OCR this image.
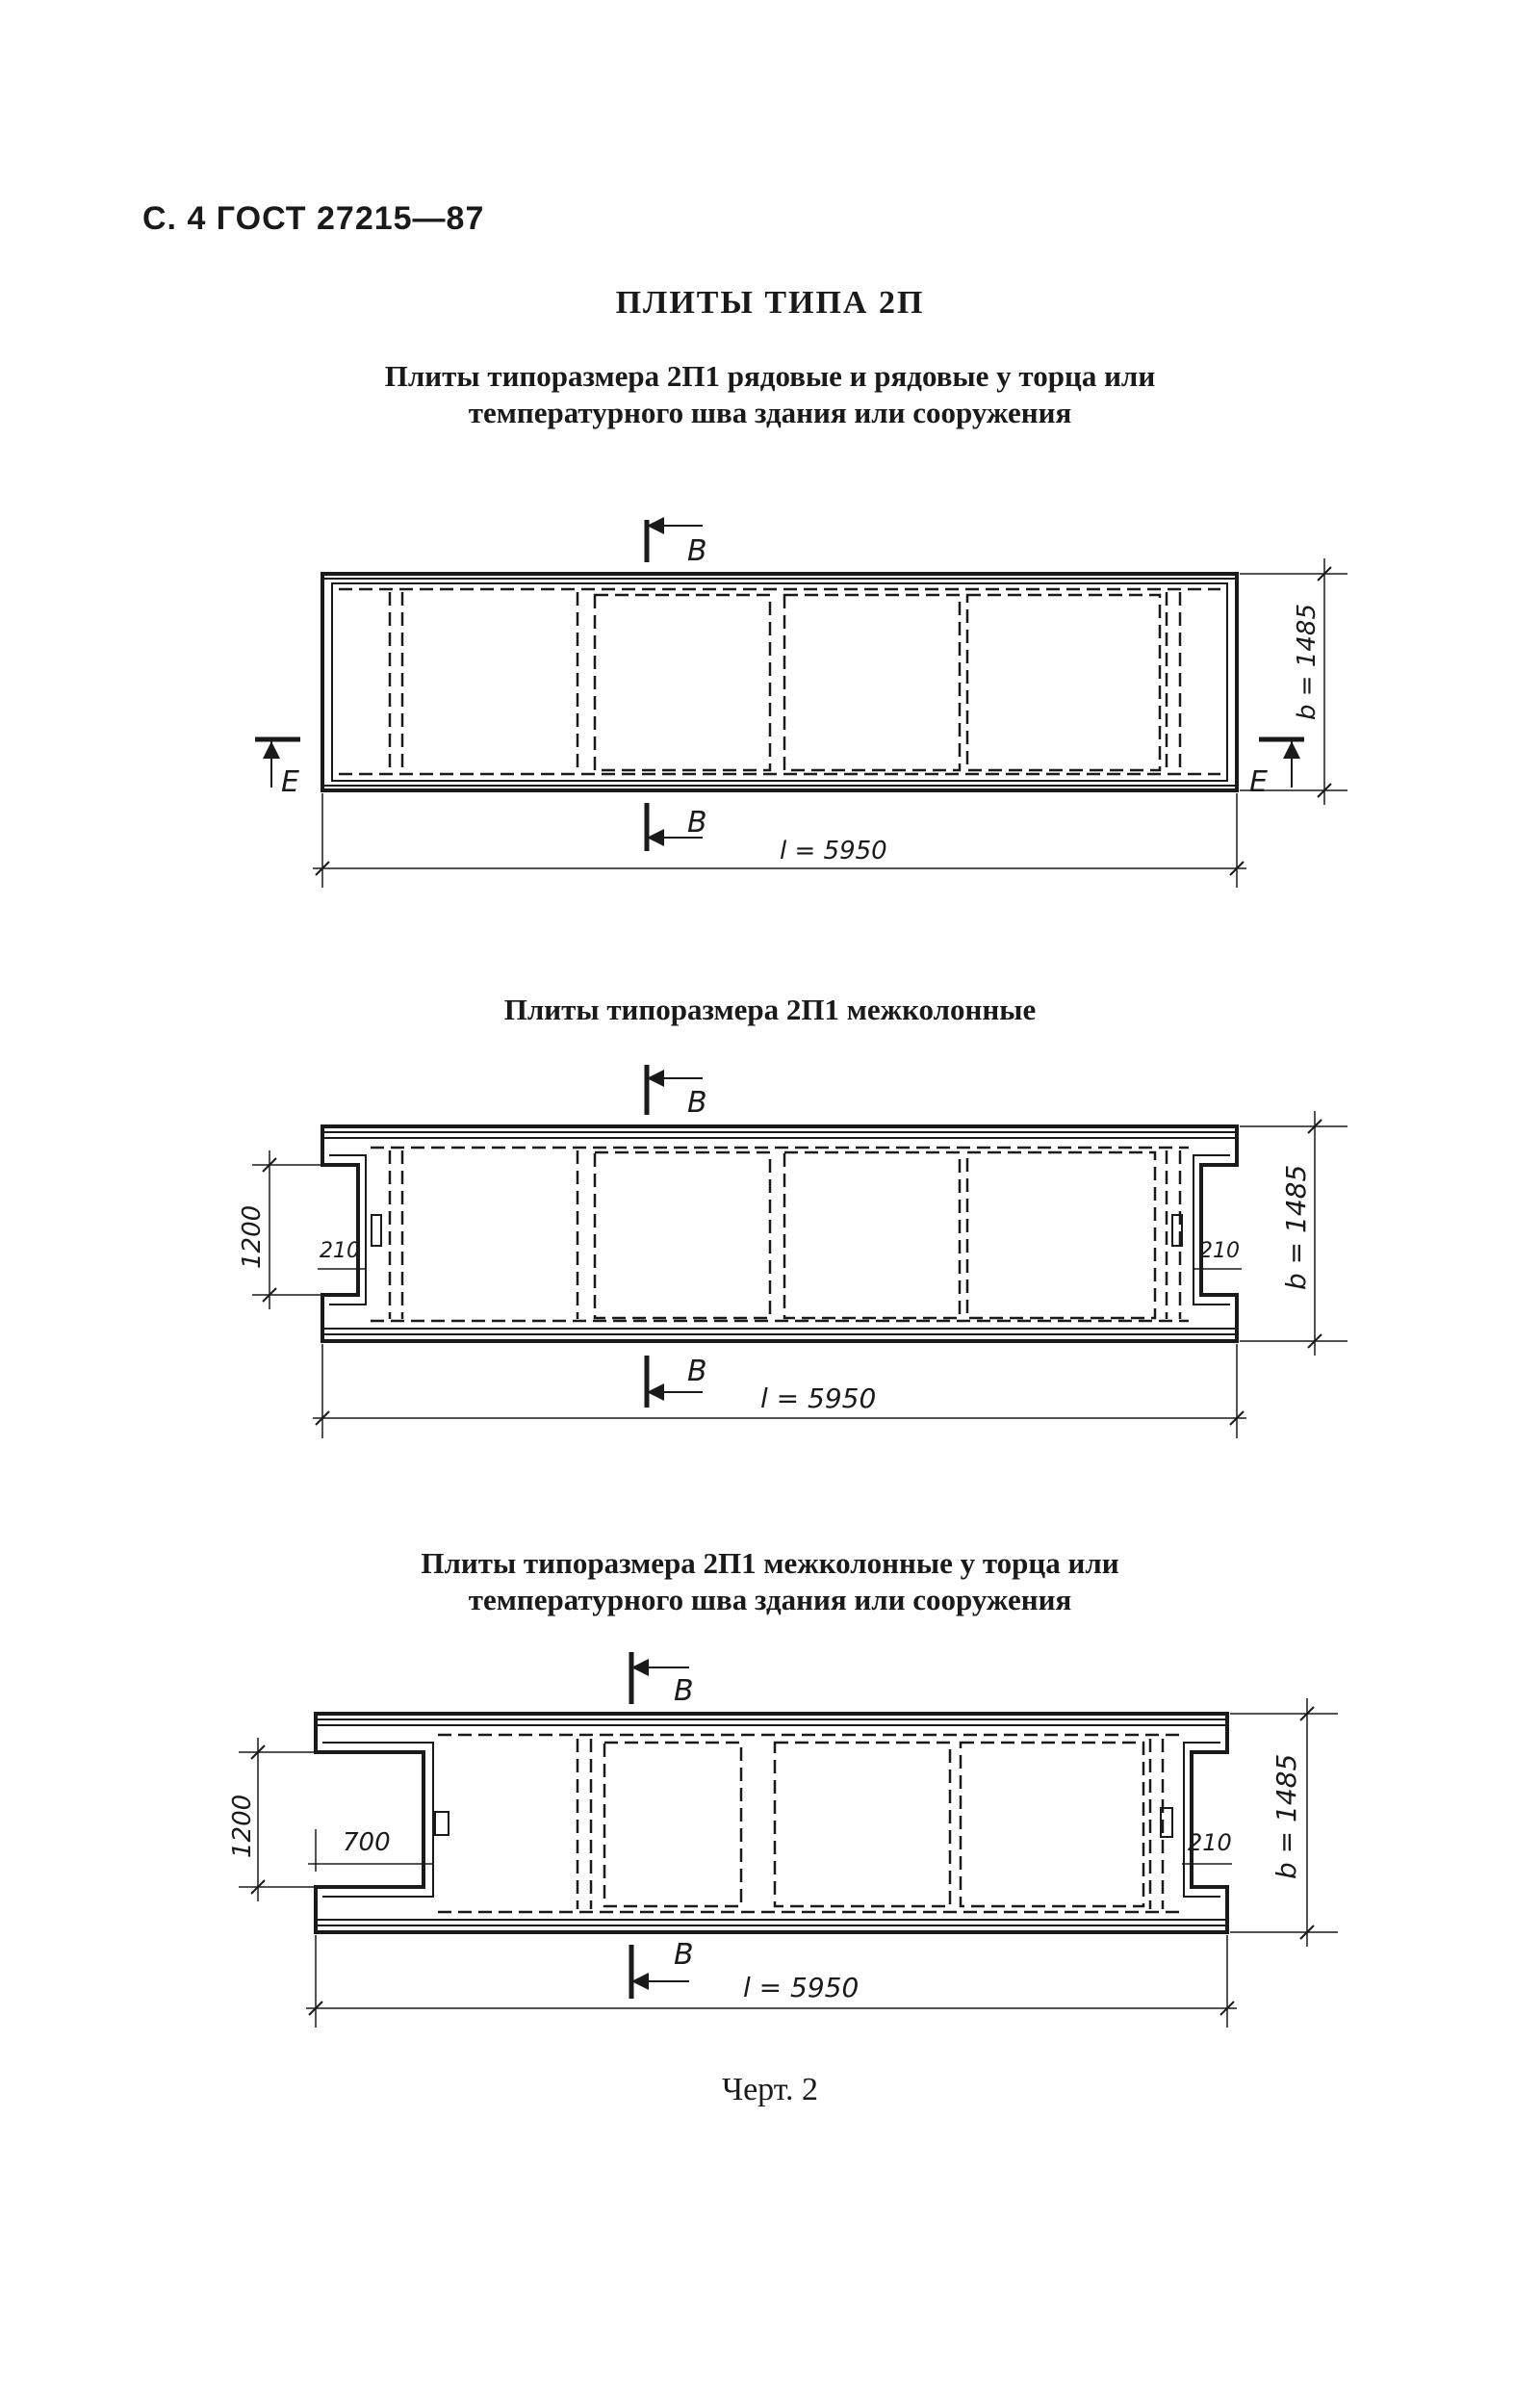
С. 4 ГОСТ 27215—87
ПЛИТЫ ТИПА 2П
Плиты типоразмера 2П1 рядовые и рядовые у торца или
температурного шва здания или сооружения
Плиты типоразмера 2П1 межколонные
Плиты типоразмера 2П1 межколонные у торца или
температурного шва здания или сооружения
В
В
Е	Е
l = 5950
b = 1485
В
В
l = 5950
b = 1485
1200	210	210
В
В
l = 5950
b = 1485
1200	700	210
Черт. 2
